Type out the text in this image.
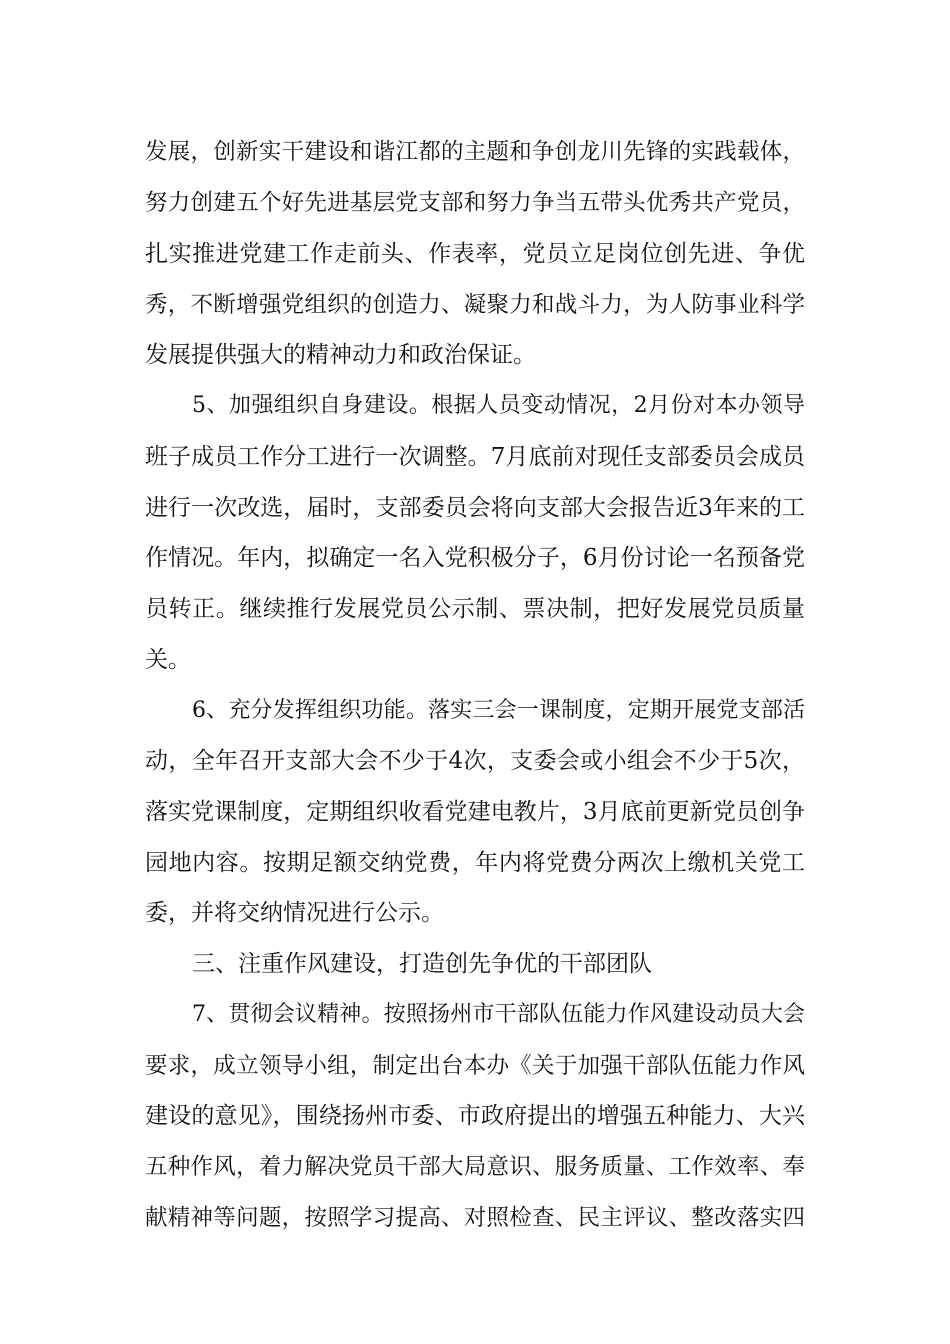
发展，创新实干建设和谐江都的主题和争创龙川先锋的实践载体，
努力创建五个好先进基层党支部和努力争当五带头优秀共产党员，
扎实推进党建工作走前头、作表率，党员立足岗位创先进、争优
秀，不断增强党组织的创造力、凝聚力和战斗力，为人防事业科学
发展提供强大的精神动力和政治保证。
5、加强组织自身建设。根据人员变动情况，2月份对本办领导
班子成员工作分工进行一次调整。7月底前对现任支部委员会成员
进行一次改选，届时，支部委员会将向支部大会报告近3年来的工
作情况。年内，拟确定一名入党积极分子，6月份讨论一名预备党
员转正。继续推行发展党员公示制、票决制，把好发展党员质量
关。
6、充分发挥组织功能。落实三会一课制度，定期开展党支部活
动，全年召开支部大会不少于4次，支委会或小组会不少于5次，
落实党课制度，定期组织收看党建电教片，3月底前更新党员创争
园地内容。按期足额交纳党费，年内将党费分两次上缴机关党工
委，并将交纳情况进行公示。
三、注重作风建设，打造创先争优的干部团队
7、贯彻会议精神。按照扬州市干部队伍能力作风建设动员大会
要求，成立领导小组，制定出台本办《关于加强干部队伍能力作风
建设的意见》，围绕扬州市委、市政府提出的增强五种能力、大兴
五种作风，着力解决党员干部大局意识、服务质量、工作效率、奉
献精神等问题，按照学习提高、对照检查、民主评议、整改落实四
